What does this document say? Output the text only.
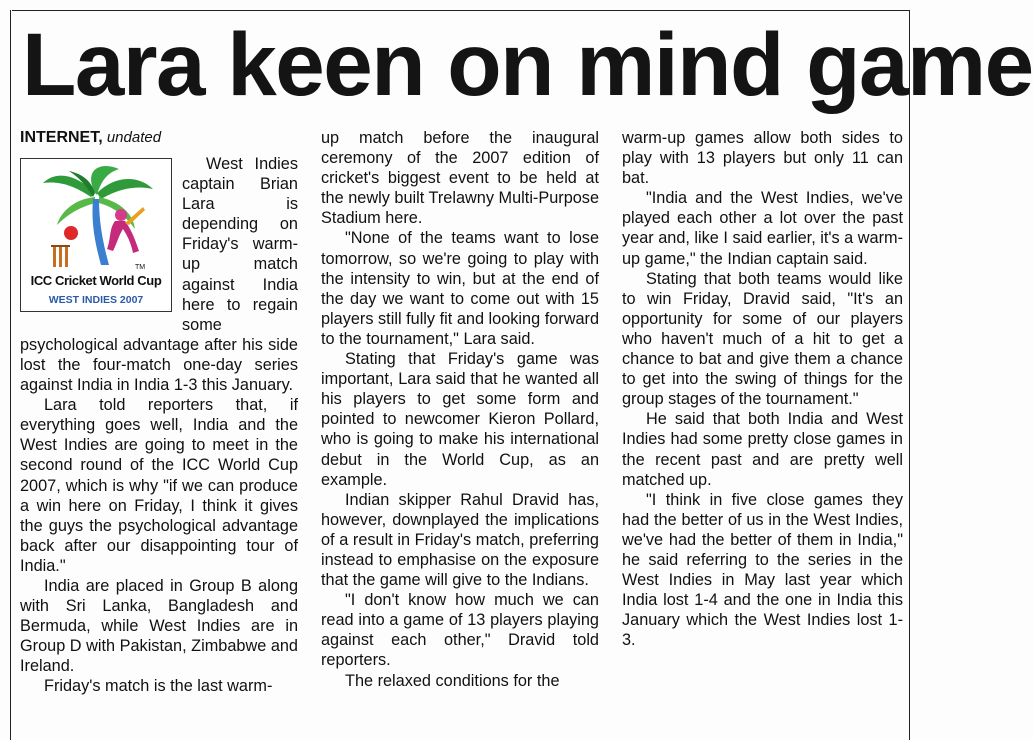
Lara keen on mind game
INTERNET, undated
TM
ICC Cricket World Cup
WEST INDIES 2007

West Indies captain Brian Lara is depending on Friday's warm-up match against India here to regain some psychological advantage after his side lost the four-match one-day series against India in India 1-3 this January.

Lara told reporters that, if everything goes well, India and the West Indies are going to meet in the second round of the ICC World Cup 2007, which is why "if we can produce a win here on Friday, I think it gives the guys the psychological advantage back after our disappointing tour of India."

India are placed in Group B along with Sri Lanka, Bangladesh and Bermuda, while West Indies are in Group D with Pakistan, Zimbabwe and Ireland.

Friday's match is the last warm-

up match before the inaugural ceremony of the 2007 edition of cricket's biggest event to be held at the newly built Trelawny Multi-Purpose Stadium here.

"None of the teams want to lose tomorrow, so we're going to play with the intensity to win, but at the end of the day we want to come out with 15 players still fully fit and looking forward to the tournament," Lara said.

Stating that Friday's game was important, Lara said that he wanted all his players to get some form and pointed to newcomer Kieron Pollard, who is going to make his international debut in the World Cup, as an example.

Indian skipper Rahul Dravid has, however, downplayed the implications of a result in Friday's match, preferring instead to emphasise on the exposure that the game will give to the Indians.

"I don't know how much we can read into a game of 13 players playing against each other," Dravid told reporters.

The relaxed conditions for the

warm-up games allow both sides to play with 13 players but only 11 can bat.

"India and the West Indies, we've played each other a lot over the past year and, like I said earlier, it's a warm-up game," the Indian captain said.

Stating that both teams would like to win Friday, Dravid said, "It's an opportunity for some of our players who haven't much of a hit to get a chance to bat and give them a chance to get into the swing of things for the group stages of the tournament."

He said that both India and West Indies had some pretty close games in the recent past and are pretty well matched up.

"I think in five close games they had the better of us in the West Indies, we've had the better of them in India," he said referring to the series in the West Indies in May last year which India lost 1-4 and the one in India this January which the West Indies lost 1-3.
